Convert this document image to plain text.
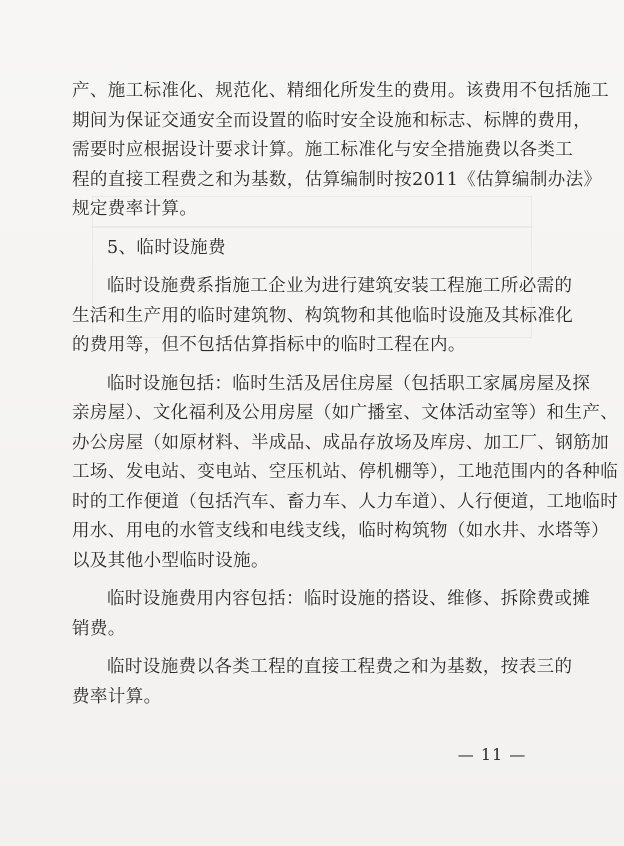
产、施工标准化、规范化、精细化所发生的费用。该费用不包括施工
期间为保证交通安全而设置的临时安全设施和标志、标牌的费用，
需要时应根据设计要求计算。施工标准化与安全措施费以各类工
程的直接工程费之和为基数，估算编制时按2011《估算编制办法》
规定费率计算。
5、临时设施费
临时设施费系指施工企业为进行建筑安装工程施工所必需的
生活和生产用的临时建筑物、构筑物和其他临时设施及其标准化
的费用等，但不包括估算指标中的临时工程在内。
临时设施包括：临时生活及居住房屋（包括职工家属房屋及探
亲房屋）、文化福利及公用房屋（如广播室、文体活动室等）和生产、
办公房屋（如原材料、半成品、成品存放场及库房、加工厂、钢筋加
工场、发电站、变电站、空压机站、停机棚等），工地范围内的各种临
时的工作便道（包括汽车、畜力车、人力车道）、人行便道，工地临时
用水、用电的水管支线和电线支线，临时构筑物（如水井、水塔等）
以及其他小型临时设施。
临时设施费用内容包括：临时设施的搭设、维修、拆除费或摊
销费。
临时设施费以各类工程的直接工程费之和为基数，按表三的
费率计算。
— 11 —
